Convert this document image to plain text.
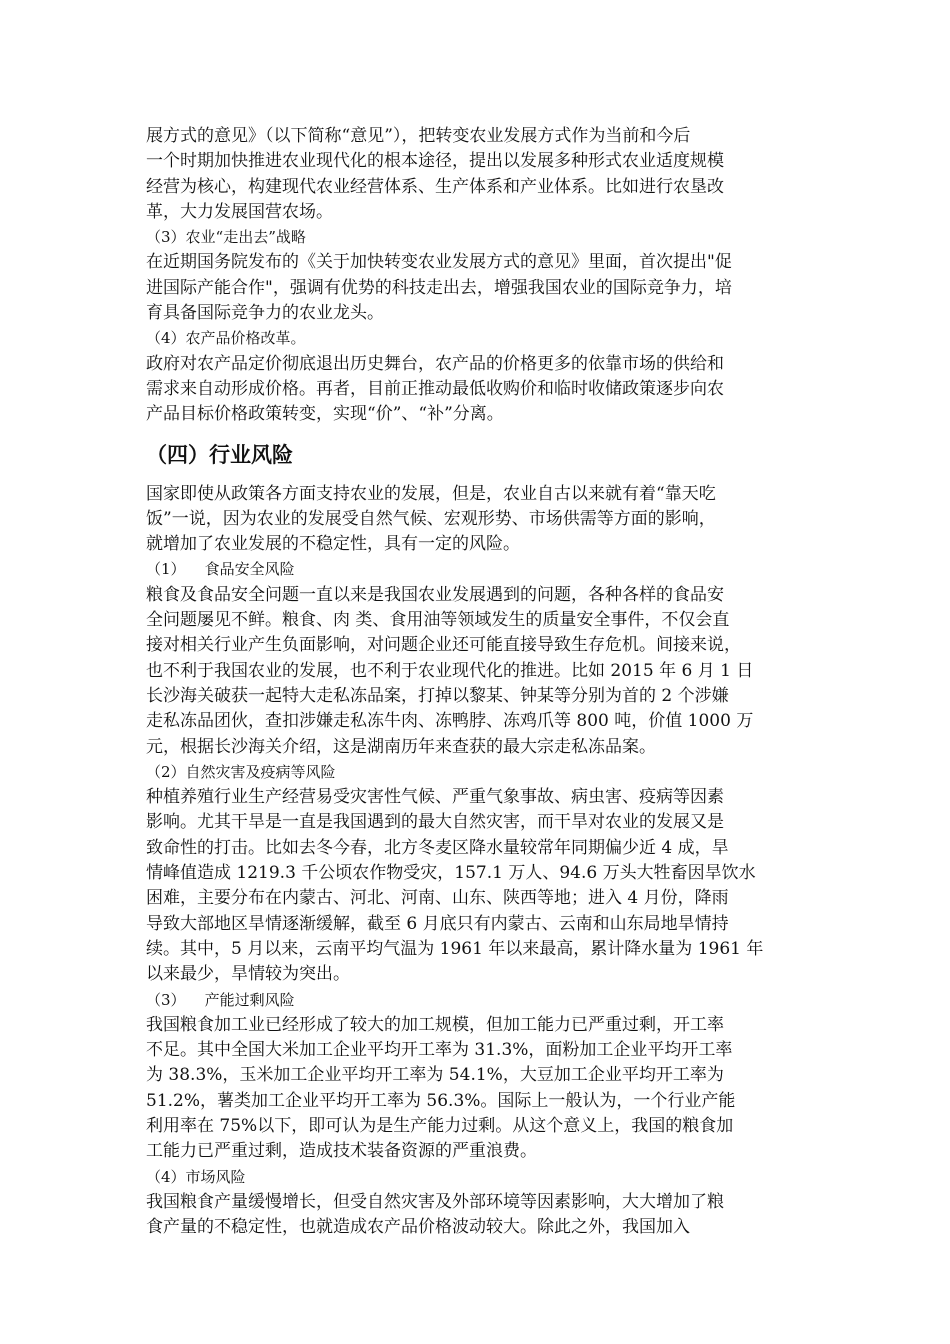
展方式的意见》（以下简称“意见”），把转变农业发展方式作为当前和今后
一个时期加快推进农业现代化的根本途径，提出以发展多种形式农业适度规模
经营为核心，构建现代农业经营体系、生产体系和产业体系。比如进行农垦改
革，大力发展国营农场。

（3）农业“走出去”战略

在近期国务院发布的《关于加快转变农业发展方式的意见》里面，首次提出"促
进国际产能合作"，强调有优势的科技走出去，增强我国农业的国际竞争力，培
育具备国际竞争力的农业龙头。

（4）农产品价格改革。

政府对农产品定价彻底退出历史舞台，农产品的价格更多的依靠市场的供给和
需求来自动形成价格。再者，目前正推动最低收购价和临时收储政策逐步向农
产品目标价格政策转变，实现“价”、“补”分离。
（四）行业风险
国家即使从政策各方面支持农业的发展，但是，农业自古以来就有着“靠天吃
饭”一说，因为农业的发展受自然气候、宏观形势、市场供需等方面的影响，
就增加了农业发展的不稳定性，具有一定的风险。

（1）    食品安全风险

粮食及食品安全问题一直以来是我国农业发展遇到的问题，各种各样的食品安
全问题屡见不鲜。粮食、肉 类、食用油等领域发生的质量安全事件，不仅会直
接对相关行业产生负面影响，对问题企业还可能直接导致生存危机。间接来说，
也不利于我国农业的发展，也不利于农业现代化的推进。比如 2015 年 6 月 1 日
长沙海关破获一起特大走私冻品案，打掉以黎某、钟某等分别为首的 2 个涉嫌
走私冻品团伙，查扣涉嫌走私冻牛肉、冻鸭脖、冻鸡爪等 800 吨，价值 1000 万
元，根据长沙海关介绍，这是湖南历年来查获的最大宗走私冻品案。

（2）自然灾害及疫病等风险

种植养殖行业生产经营易受灾害性气候、严重气象事故、病虫害、疫病等因素
影响。尤其干旱是一直是我国遇到的最大自然灾害，而干旱对农业的发展又是
致命性的打击。比如去冬今春，北方冬麦区降水量较常年同期偏少近 4 成，旱
情峰值造成 1219.3 千公顷农作物受灾，157.1 万人、94.6 万头大牲畜因旱饮水
困难，主要分布在内蒙古、河北、河南、山东、陕西等地；进入 4 月份，降雨
导致大部地区旱情逐渐缓解，截至 6 月底只有内蒙古、云南和山东局地旱情持
续。其中，5 月以来，云南平均气温为 1961 年以来最高，累计降水量为 1961 年
以来最少，旱情较为突出。

（3）    产能过剩风险

我国粮食加工业已经形成了较大的加工规模，但加工能力已严重过剩，开工率
不足。其中全国大米加工企业平均开工率为 31.3%，面粉加工企业平均开工率
为 38.3%，玉米加工企业平均开工率为 54.1%，大豆加工企业平均开工率为
51.2%，薯类加工企业平均开工率为 56.3%。国际上一般认为，一个行业产能
利用率在 75%以下，即可认为是生产能力过剩。从这个意义上，我国的粮食加
工能力已严重过剩，造成技术装备资源的严重浪费。

（4）市场风险

我国粮食产量缓慢增长，但受自然灾害及外部环境等因素影响，大大增加了粮
食产量的不稳定性，也就造成农产品价格波动较大。除此之外，我国加入
